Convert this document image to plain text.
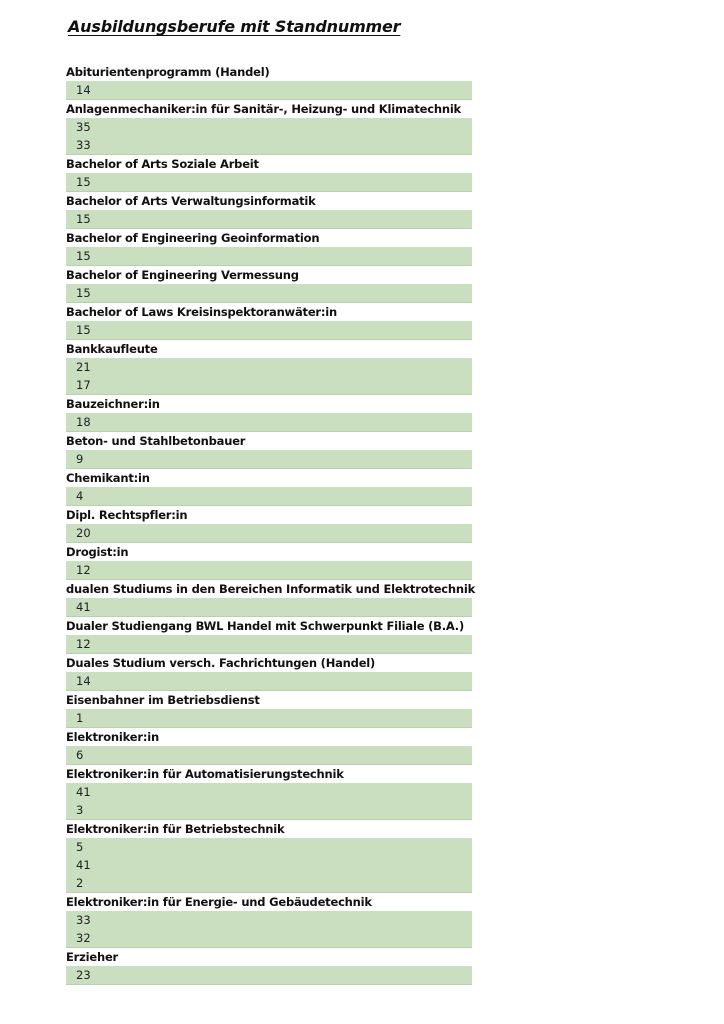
Ausbildungsberufe mit Standnummer
Abiturientenprogramm (Handel)
14
Anlagenmechaniker:in für Sanitär-, Heizung- und Klimatechnik
35
33
Bachelor of Arts Soziale Arbeit
15
Bachelor of Arts Verwaltungsinformatik
15
Bachelor of Engineering Geoinformation
15
Bachelor of Engineering Vermessung
15
Bachelor of Laws Kreisinspektoranwäter:in
15
Bankkaufleute
21
17
Bauzeichner:in
18
Beton- und Stahlbetonbauer
9
Chemikant:in
4
Dipl. Rechtspfler:in
20
Drogist:in
12
dualen Studiums in den Bereichen Informatik und Elektrotechnik
41
Dualer Studiengang BWL Handel mit Schwerpunkt Filiale (B.A.)
12
Duales Studium versch. Fachrichtungen (Handel)
14
Eisenbahner im Betriebsdienst
1
Elektroniker:in
6
Elektroniker:in für Automatisierungstechnik
41
3
Elektroniker:in für Betriebstechnik
5
41
2
Elektroniker:in für Energie- und Gebäudetechnik
33
32
Erzieher
23
